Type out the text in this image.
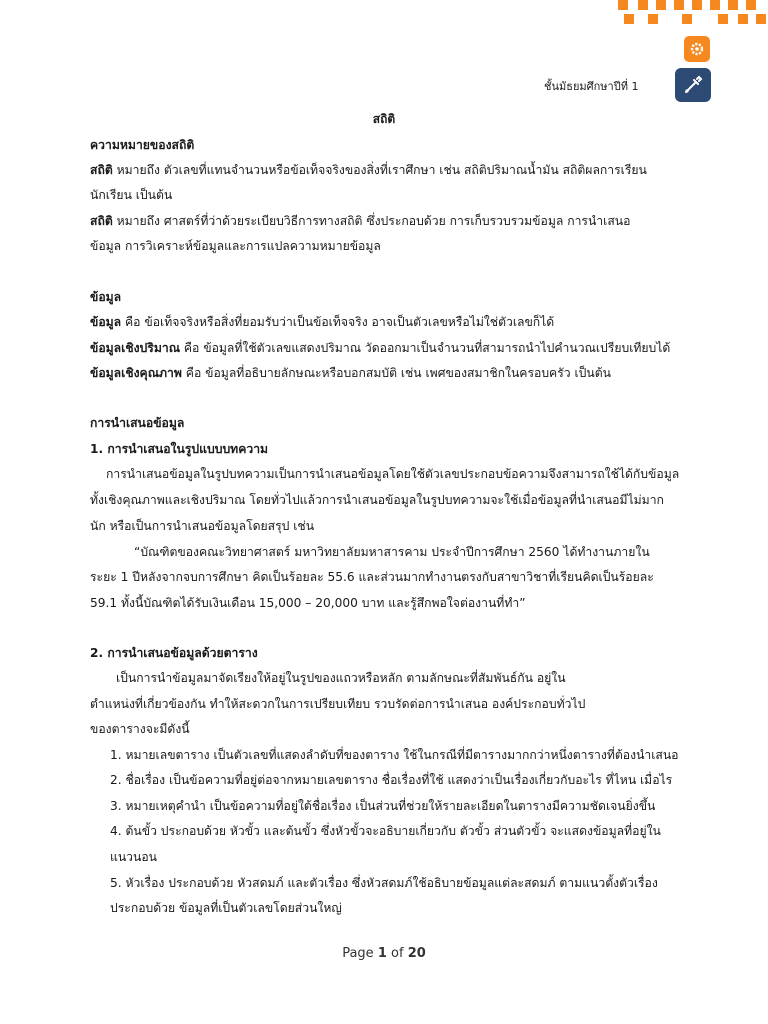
ชั้นมัธยมศึกษาปีที่ 1
สถิติ
ความหมายของสถิติ
สถิติ หมายถึง ตัวเลขที่แทนจำนวนหรือข้อเท็จจริงของสิ่งที่เราศึกษา เช่น สถิติปริมาณน้ำมัน สถิติผลการเรียน
นักเรียน เป็นต้น
สถิติ หมายถึง ศาสตร์ที่ว่าด้วยระเบียบวิธีการทางสถิติ ซึ่งประกอบด้วย การเก็บรวบรวมข้อมูล การนำเสนอ
ข้อมูล การวิเคราะห์ข้อมูลและการแปลความหมายข้อมูล
ข้อมูล
ข้อมูล คือ ข้อเท็จจริงหรือสิ่งที่ยอมรับว่าเป็นข้อเท็จจริง อาจเป็นตัวเลขหรือไม่ใช่ตัวเลขก็ได้
ข้อมูลเชิงปริมาณ คือ ข้อมูลที่ใช้ตัวเลขแสดงปริมาณ วัดออกมาเป็นจำนวนที่สามารถนำไปคำนวณเปรียบเทียบได้
ข้อมูลเชิงคุณภาพ คือ ข้อมูลที่อธิบายลักษณะหรือบอกสมบัติ เช่น เพศของสมาชิกในครอบครัว เป็นต้น
การนำเสนอข้อมูล
1. การนำเสนอในรูปแบบบทความ
การนำเสนอข้อมูลในรูปบทความเป็นการนำเสนอข้อมูลโดยใช้ตัวเลขประกอบข้อความจึงสามารถใช้ได้กับข้อมูล
ทั้งเชิงคุณภาพและเชิงปริมาณ โดยทั่วไปแล้วการนำเสนอข้อมูลในรูปบทความจะใช้เมื่อข้อมูลที่นำเสนอมีไม่มาก
นัก หรือเป็นการนำเสนอข้อมูลโดยสรุป เช่น
“บัณฑิตของคณะวิทยาศาสตร์ มหาวิทยาลัยมหาสารคาม ประจำปีการศึกษา 2560 ได้ทำงานภายใน
ระยะ 1 ปีหลังจากจบการศึกษา คิดเป็นร้อยละ 55.6 และส่วนมากทำงานตรงกับสาขาวิชาที่เรียนคิดเป็นร้อยละ
59.1 ทั้งนี้บัณฑิตได้รับเงินเดือน 15,000 – 20,000 บาท และรู้สึกพอใจต่องานที่ทำ”
2. การนำเสนอข้อมูลด้วยตาราง
เป็นการนำข้อมูลมาจัดเรียงให้อยู่ในรูปของแถวหรือหลัก ตามลักษณะที่สัมพันธ์กัน อยู่ใน
ตำแหน่งที่เกี่ยวข้องกัน ทำให้สะดวกในการเปรียบเทียบ รวบรัดต่อการนำเสนอ องค์ประกอบทั่วไป
ของตารางจะมีดังนี้
1. หมายเลขตาราง เป็นตัวเลขที่แสดงลำดับที่ของตาราง ใช้ในกรณีที่มีตารางมากกว่าหนึ่งตารางที่ต้องนำเสนอ
2. ชื่อเรื่อง เป็นข้อความที่อยู่ต่อจากหมายเลขตาราง ชื่อเรื่องที่ใช้ แสดงว่าเป็นเรื่องเกี่ยวกับอะไร ที่ไหน เมื่อไร
3. หมายเหตุคำนำ เป็นข้อความที่อยู่ใต้ชื่อเรื่อง เป็นส่วนที่ช่วยให้รายละเอียดในตารางมีความชัดเจนยิ่งขึ้น
4. ต้นขั้ว ประกอบด้วย หัวขั้ว และต้นขั้ว ซึ่งหัวขั้วจะอธิบายเกี่ยวกับ ตัวขั้ว ส่วนตัวขั้ว จะแสดงข้อมูลที่อยู่ใน
แนวนอน
5. หัวเรื่อง ประกอบด้วย หัวสดมภ์ และตัวเรื่อง ซึ่งหัวสดมภ์ใช้อธิบายข้อมูลแต่ละสดมภ์ ตามแนวตั้งตัวเรื่อง
ประกอบด้วย ข้อมูลที่เป็นตัวเลขโดยส่วนใหญ่
Page 1 of 20
